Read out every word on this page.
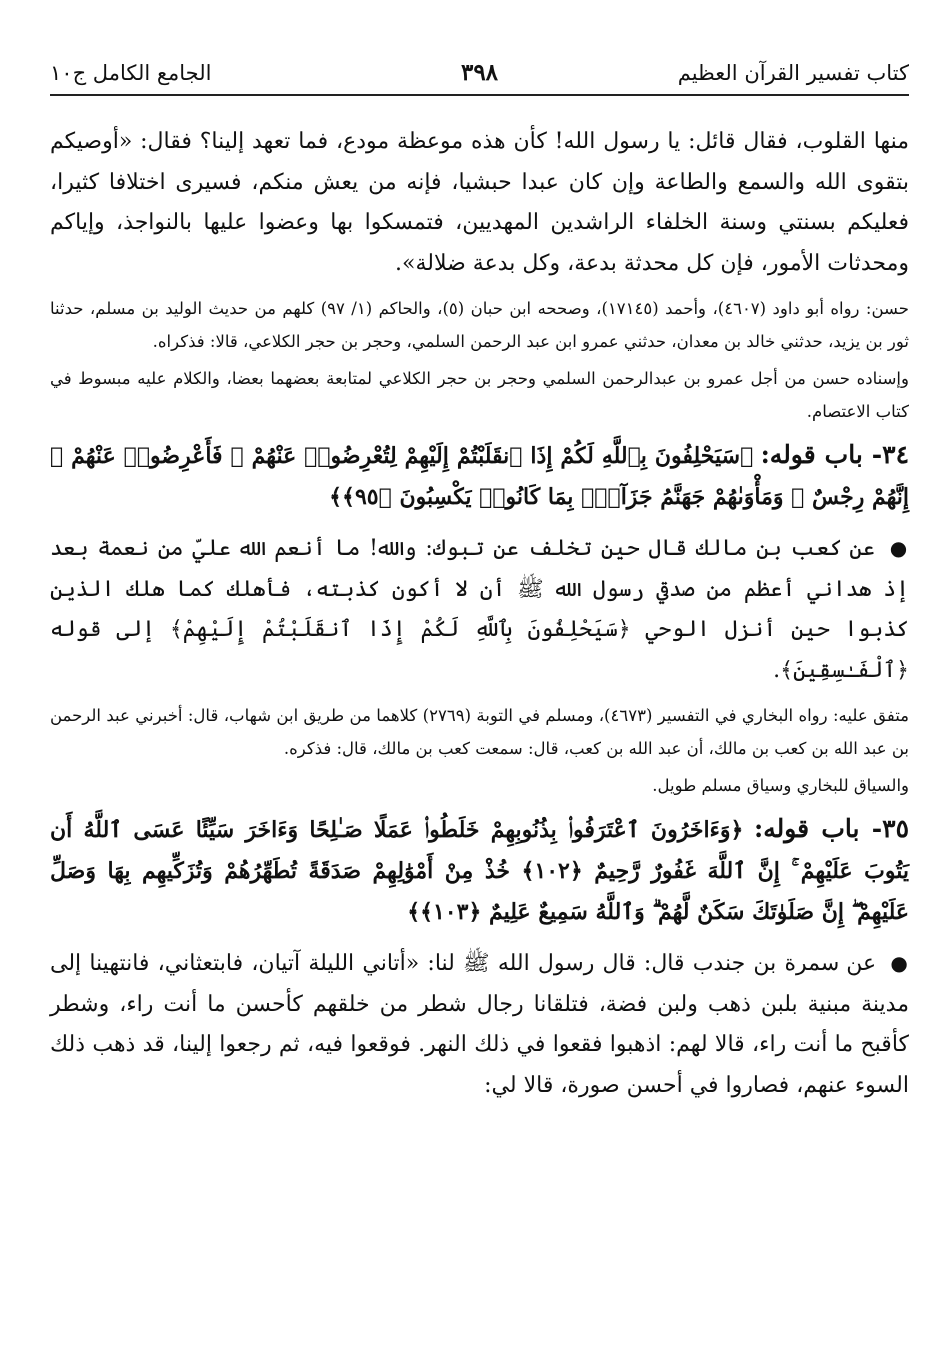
كتاب تفسير القرآن العظيم
٣٩٨
الجامع الكامل ج١٠

منها القلوب، فقال قائل: يا رسول الله! كأن هذه موعظة مودع، فما تعهد إلينا؟ فقال: «أوصيكم بتقوى الله والسمع والطاعة وإن كان عبدا حبشيا، فإنه من يعش منكم، فسيرى اختلافا كثيرا، فعليكم بسنتي وسنة الخلفاء الراشدين المهديين، فتمسكوا بها وعضوا عليها بالنواجذ، وإياكم ومحدثات الأمور، فإن كل محدثة بدعة، وكل بدعة ضلالة».

حسن: رواه أبو داود (٤٦٠٧)، وأحمد (١٧١٤٥)، وصححه ابن حبان (٥)، والحاكم (١/ ٩٧) كلهم من حديث الوليد بن مسلم، حدثنا ثور بن يزيد، حدثني خالد بن معدان، حدثني عمرو ابن عبد الرحمن السلمي، وحجر بن حجر الكلاعي، قالا: فذكراه.

وإسناده حسن من أجل عمرو بن عبدالرحمن السلمي وحجر بن حجر الكلاعي لمتابعة بعضهما بعضا، والكلام عليه مبسوط في كتاب الاعتصام.

٣٤- باب قوله: ﴿سَيَحْلِفُونَ بِٱللَّهِ لَكُمْ إِذَا ٱنقَلَبْتُمْ إِلَيْهِمْ لِتُعْرِضُوا۟ عَنْهُمْ ۖ فَأَعْرِضُوا۟ عَنْهُمْ ۖ إِنَّهُمْ رِجْسٌ ۖ وَمَأْوَىٰهُمْ جَهَنَّمُ جَزَآءًۢ بِمَا كَانُوا۟ يَكْسِبُونَ ﴿٩٥﴾﴾

● عن كعب بن مالك قال حين تخلف عن تبوك: والله! ما أنعم الله عليّ من نعمة بعد إذ هداني أعظم من صدقي رسول الله ﷺ أن لا أكون كذبته، فأهلك كما هلك الذين كذبوا حين أنزل الوحي ﴿سَيَحْلِفُونَ بِٱللَّهِ لَكُمْ إِذَا ٱنقَلَبْتُمْ إِلَيْهِمْ﴾ إلى قوله ﴿ٱلْفَـٰسِقِينَ﴾.

متفق عليه: رواه البخاري في التفسير (٤٦٧٣)، ومسلم في التوبة (٢٧٦٩) كلاهما من طريق ابن شهاب، قال: أخبرني عبد الرحمن بن عبد الله بن كعب بن مالك، أن عبد الله بن كعب، قال: سمعت كعب بن مالك، قال: فذكره.

والسياق للبخاري وسياق مسلم طويل.

٣٥- باب قوله: ﴿وَءَاخَرُونَ ٱعْتَرَفُوا۟ بِذُنُوبِهِمْ خَلَطُوا۟ عَمَلًا صَـٰلِحًا وَءَاخَرَ سَيِّئًا عَسَى ٱللَّهُ أَن يَتُوبَ عَلَيْهِمْ ۚ إِنَّ ٱللَّهَ غَفُورٌ رَّحِيمٌ ﴿١٠٢﴾ خُذْ مِنْ أَمْوَٰلِهِمْ صَدَقَةً تُطَهِّرُهُمْ وَتُزَكِّيهِم بِهَا وَصَلِّ عَلَيْهِمْ ۖ إِنَّ صَلَوٰتَكَ سَكَنٌ لَّهُمْ ۗ وَٱللَّهُ سَمِيعٌ عَلِيمٌ ﴿١٠٣﴾﴾

● عن سمرة بن جندب قال: قال رسول الله ﷺ لنا: «أتاني الليلة آتيان، فابتعثاني، فانتهينا إلى مدينة مبنية بلبن ذهب ولبن فضة، فتلقانا رجال شطر من خلقهم كأحسن ما أنت راء، وشطر كأقبح ما أنت راء، قالا لهم: اذهبوا فقعوا في ذلك النهر. فوقعوا فيه، ثم رجعوا إلينا، قد ذهب ذلك السوء عنهم، فصاروا في أحسن صورة، قالا لي:
